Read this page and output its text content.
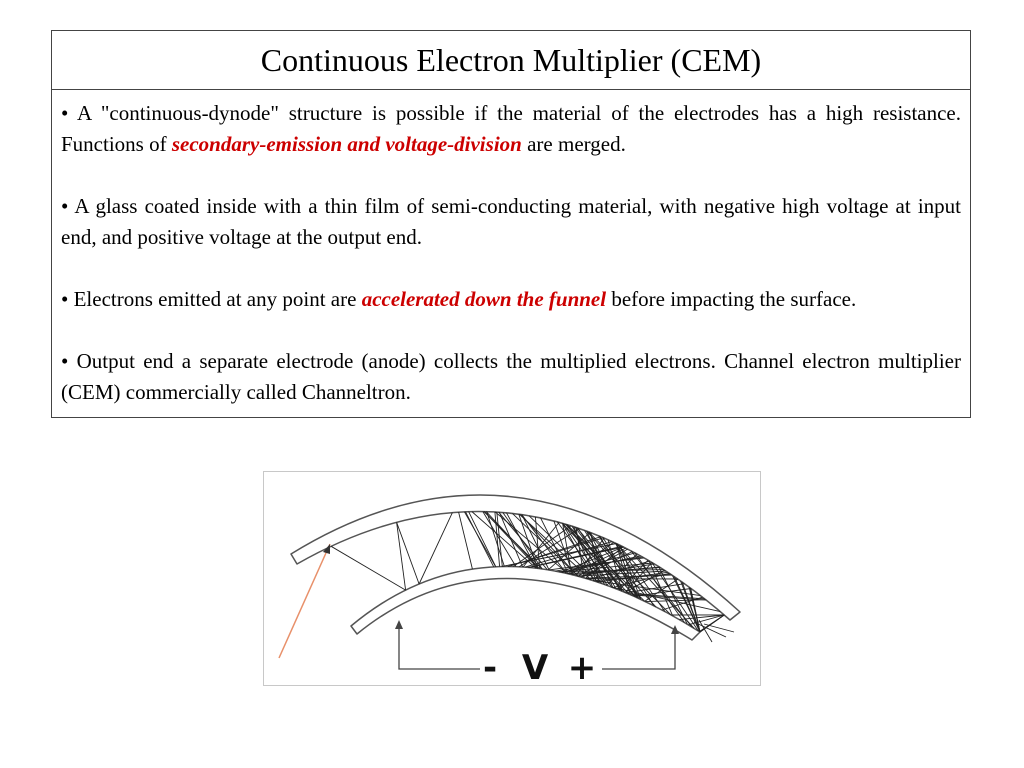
Continuous Electron Multiplier (CEM)

• A "continuous-dynode" structure is possible if the material of the electrodes has a high resistance. Functions of secondary-emission and voltage-division are merged.

• A glass coated inside with a thin film of semi-conducting material, with negative high voltage at input end, and positive voltage at the output end.

• Electrons emitted at any point are accelerated down the funnel before impacting the surface.

• Output end a separate electrode (anode) collects the multiplied electrons. Channel electron multiplier (CEM) commercially called Channeltron.

- V +
